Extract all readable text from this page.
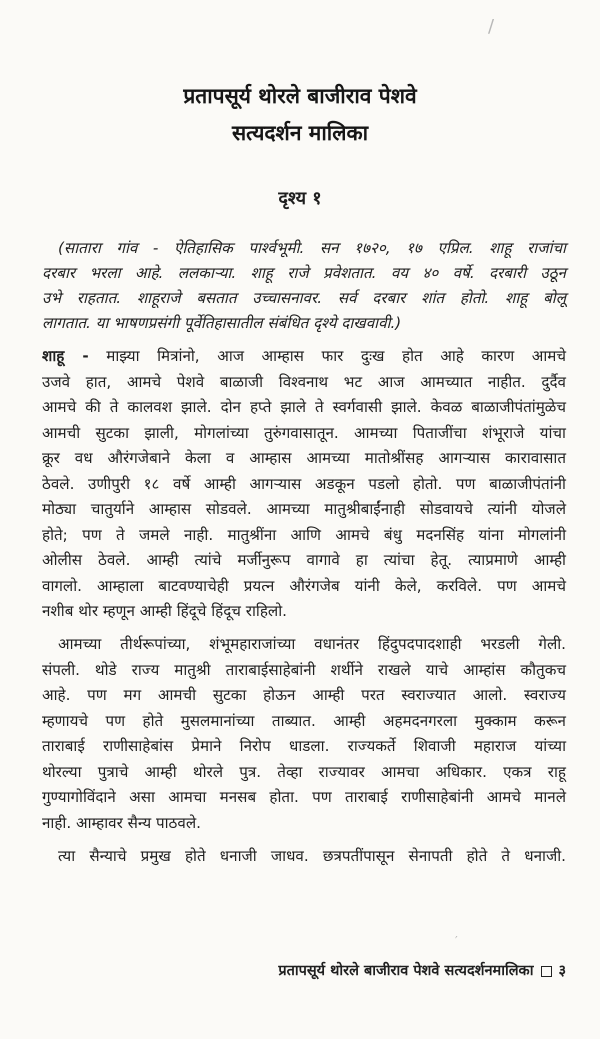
प्रतापसूर्य थोरले बाजीराव पेशवे
सत्यदर्शन मालिका
दृश्य १
(सातारा गांव - ऐतिहासिक पार्श्वभूमी. सन १७२०, १७ एप्रिल. शाहू राजांचा
दरबार भरला आहे. ललकाऱ्या. शाहू राजे प्रवेशतात. वय ४० वर्षे. दरबारी उठून
उभे राहतात. शाहूराजे बसतात उच्चासनावर. सर्व दरबार शांत होतो. शाहू बोलू
लागतात. या भाषणप्रसंगी पूर्वेतिहासातील संबंधित दृश्ये दाखवावी.)
शाहू - माझ्या मित्रांनो, आज आम्हास फार दुःख होत आहे कारण आमचे
उजवे हात, आमचे पेशवे बाळाजी विश्वनाथ भट आज आमच्यात नाहीत. दुर्दैव
आमचे की ते कालवश झाले. दोन हप्ते झाले ते स्वर्गवासी झाले. केवळ बाळाजीपंतांमुळेच
आमची सुटका झाली, मोगलांच्या तुरुंगवासातून. आमच्या पिताजींचा शंभूराजे यांचा
क्रूर वध औरंगजेबाने केला व आम्हास आमच्या मातोश्रींसह आगऱ्यास कारावासात
ठेवले. उणीपुरी १८ वर्षे आम्ही आगऱ्यास अडकून पडलो होतो. पण बाळाजीपंतांनी
मोठ्या चातुर्याने आम्हास सोडवले. आमच्या मातुश्रीबाईंनाही सोडवायचे त्यांनी योजले
होते; पण ते जमले नाही. मातुश्रींना आणि आमचे बंधु मदनसिंह यांना मोगलांनी
ओलीस ठेवले. आम्ही त्यांचे मर्जीनुरूप वागावे हा त्यांचा हेतू. त्याप्रमाणे आम्ही
वागलो. आम्हाला बाटवण्याचेही प्रयत्न औरंगजेब यांनी केले, करविले. पण आमचे
नशीब थोर म्हणून आम्ही हिंदूचे हिंदूच राहिलो.
आमच्या तीर्थरूपांच्या, शंभूमहाराजांच्या वधानंतर हिंदुपदपादशाही भरडली गेली.
संपली. थोडे राज्य मातुश्री ताराबाईसाहेबांनी शर्थीने राखले याचे आम्हांस कौतुकच
आहे. पण मग आमची सुटका होऊन आम्ही परत स्वराज्यात आलो. स्वराज्य
म्हणायचे पण होते मुसलमानांच्या ताब्यात. आम्ही अहमदनगरला मुक्काम करून
ताराबाई राणीसाहेबांस प्रेमाने निरोप धाडला. राज्यकर्ते शिवाजी महाराज यांच्या
थोरल्या पुत्राचे आम्ही थोरले पुत्र. तेव्हा राज्यावर आमचा अधिकार. एकत्र राहू
गुण्यागोविंदाने असा आमचा मनसब होता. पण ताराबाई राणीसाहेबांनी आमचे मानले
नाही. आम्हावर सैन्य पाठवले.
त्या सैन्याचे प्रमुख होते धनाजी जाधव. छत्रपतींपासून सेनापती होते ते धनाजी.
/
′
प्रतापसूर्य थोरले बाजीराव पेशवे सत्यदर्शनमालिका ३
